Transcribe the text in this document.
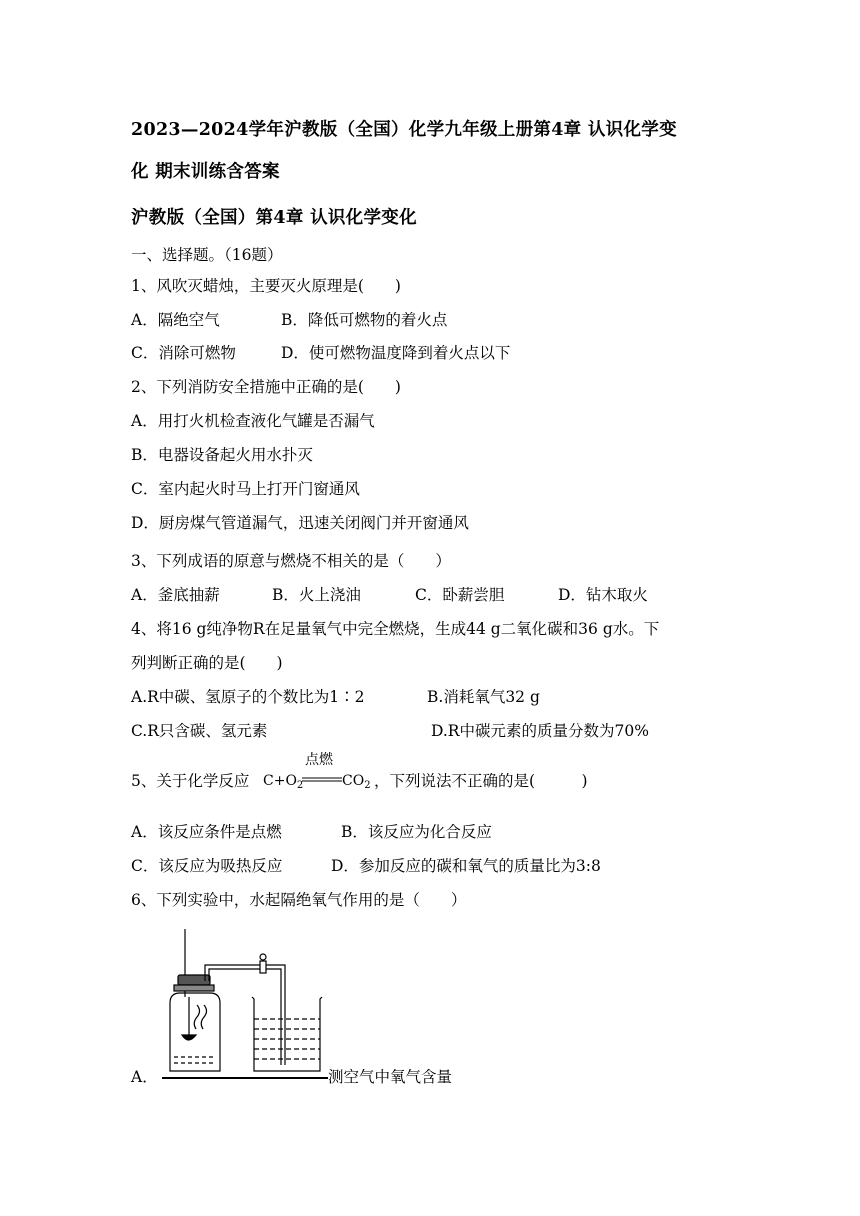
2023—2024学年沪教版（全国）化学九年级上册第4章 认识化学变
化 期末训练含答案
沪教版（全国）第4章 认识化学变化
一、选择题。（16题）
1、风吹灭蜡烛，主要灭火原理是(　　)
A．隔绝空气	B．降低可燃物的着火点
C．消除可燃物	D．使可燃物温度降到着火点以下
2、下列消防安全措施中正确的是(　　)
A．用打火机检查液化气罐是否漏气
B．电器设备起火用水扑灭
C．室内起火时马上打开门窗通风
D．厨房煤气管道漏气，迅速关闭阀门并开窗通风
3、下列成语的原意与燃烧不相关的是（　　）
A．釜底抽薪	B．火上浇油	C．卧薪尝胆	D．钻木取火
4、将16 g纯净物R在足量氧气中完全燃烧，生成44 g二氧化碳和36 g水。下
列判断正确的是(　　)
A.R中碳、氢原子的个数比为1∶2	B.消耗氧气32 g
C.R只含碳、氢元素	D.R中碳元素的质量分数为70%
5、关于化学反应 $C+O_2$
点燃
$CO_2$ ，下列说法不正确的是(　　　)
A．该反应条件是点燃	B．该反应为化合反应
C．该反应为吸热反应	D．参加反应的碳和氧气的质量比为3:8
6、下列实验中，水起隔绝氧气作用的是（　　）
A．	测空气中氧气含量
